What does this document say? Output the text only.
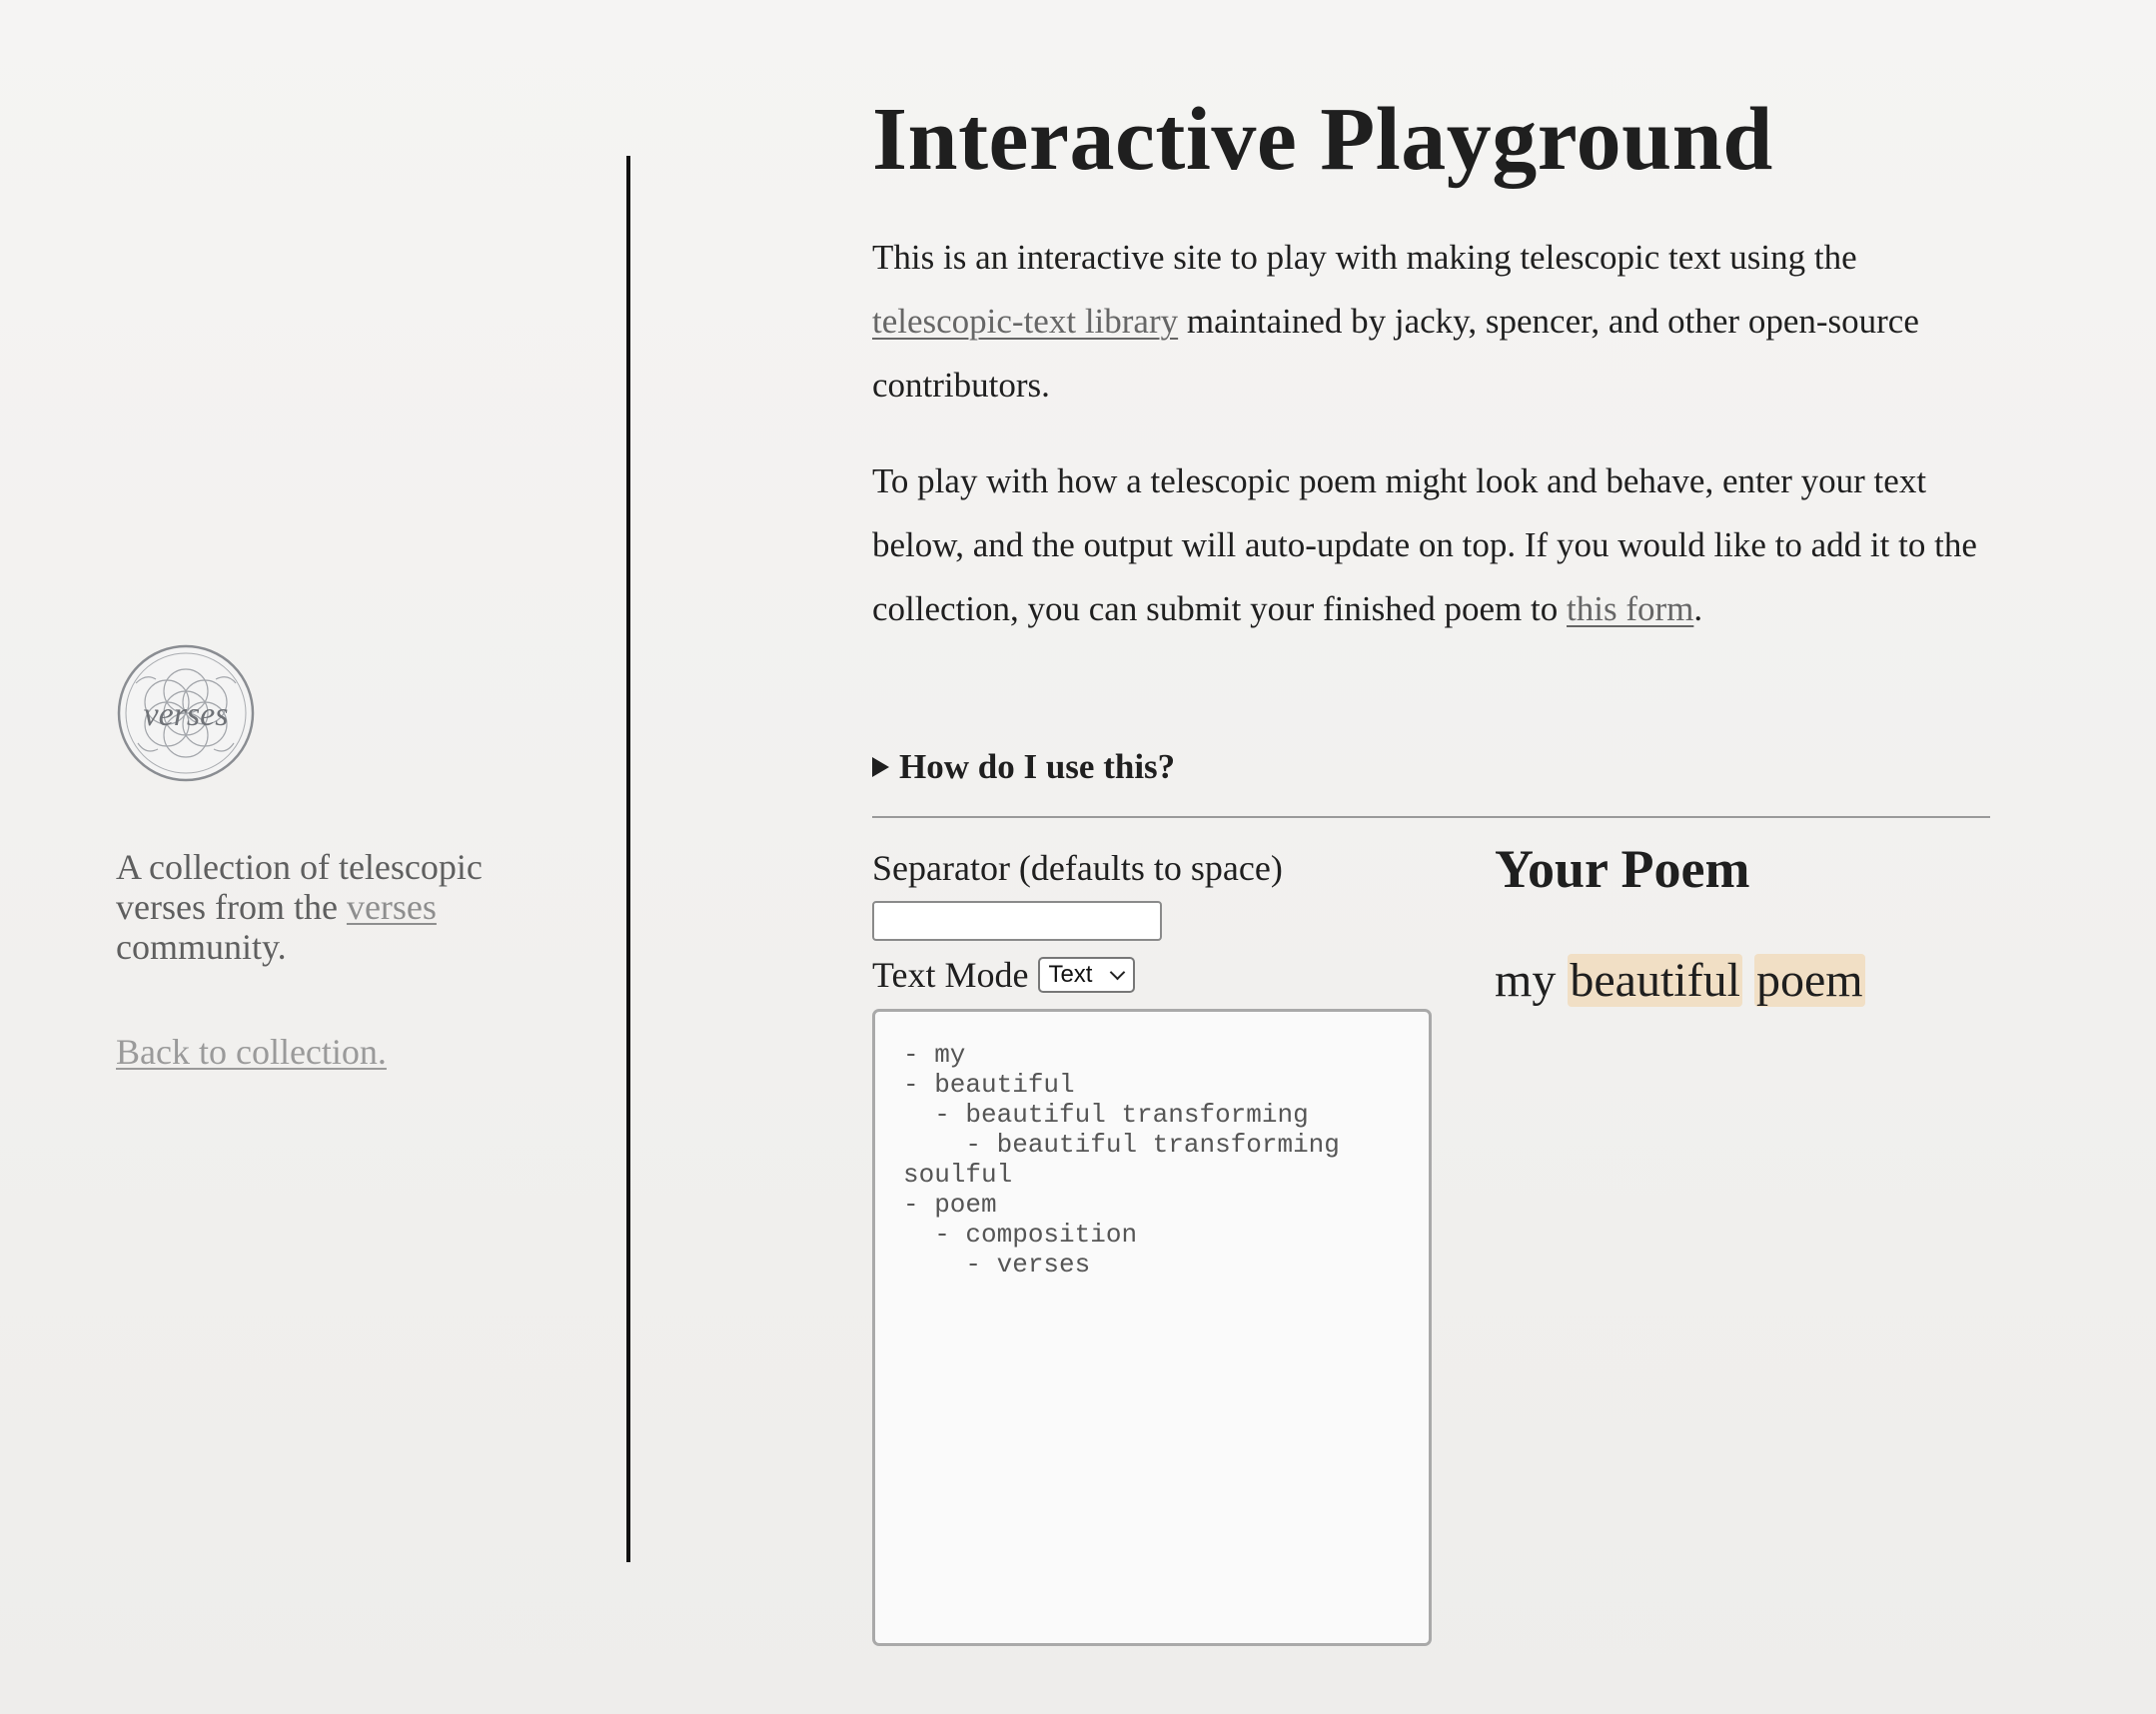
verses
A collection of telescopic verses from the verses community.
Back to collection.
Interactive Playground

This is an interactive site to play with making telescopic text using the telescopic-text library maintained by jacky, spencer, and other open-source contributors.

To play with how a telescopic poem might look and behave, enter your text below, and the output will auto-update on top. If you would like to add it to the collection, you can submit your finished poem to this form.

How do I use this?
Separator (defaults to space)
Text Mode Text
- my
- beautiful
- beautiful transforming
- beautiful transforming soulful
- poem
- composition
- verses
Your Poem
my beautiful poem
